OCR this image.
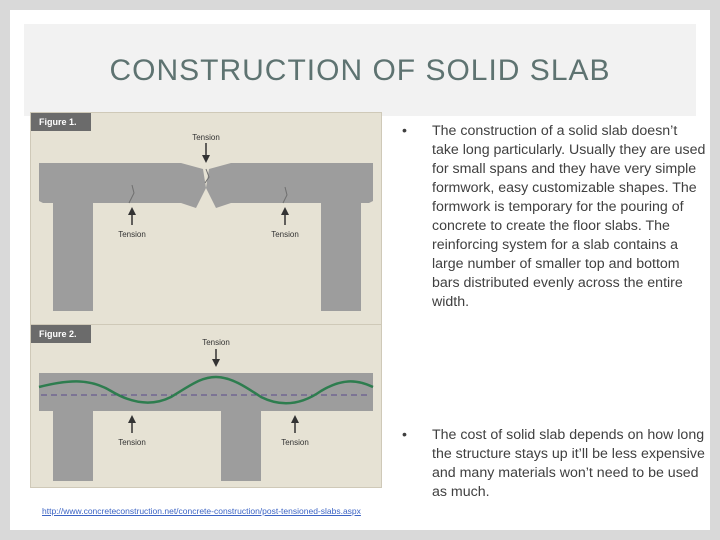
CONSTRUCTION OF SOLID SLAB
Figure 1.
Tension
Tension	Tension
Figure 2.
Tension
Tension	Tension
• The construction of a solid slab doesn’t take long particularly. Usually they are used for small spans and they have very simple formwork, easy customizable shapes. The formwork is temporary for the pouring of concrete to create the floor slabs. The reinforcing system for a slab contains a large number of smaller top and bottom bars distributed evenly across the entire width.
• The cost of solid slab depends on how long the structure stays up it’ll be less expensive and many materials won’t need to be used as much.
http://www.concreteconstruction.net/concrete-construction/post-tensioned-slabs.aspx
